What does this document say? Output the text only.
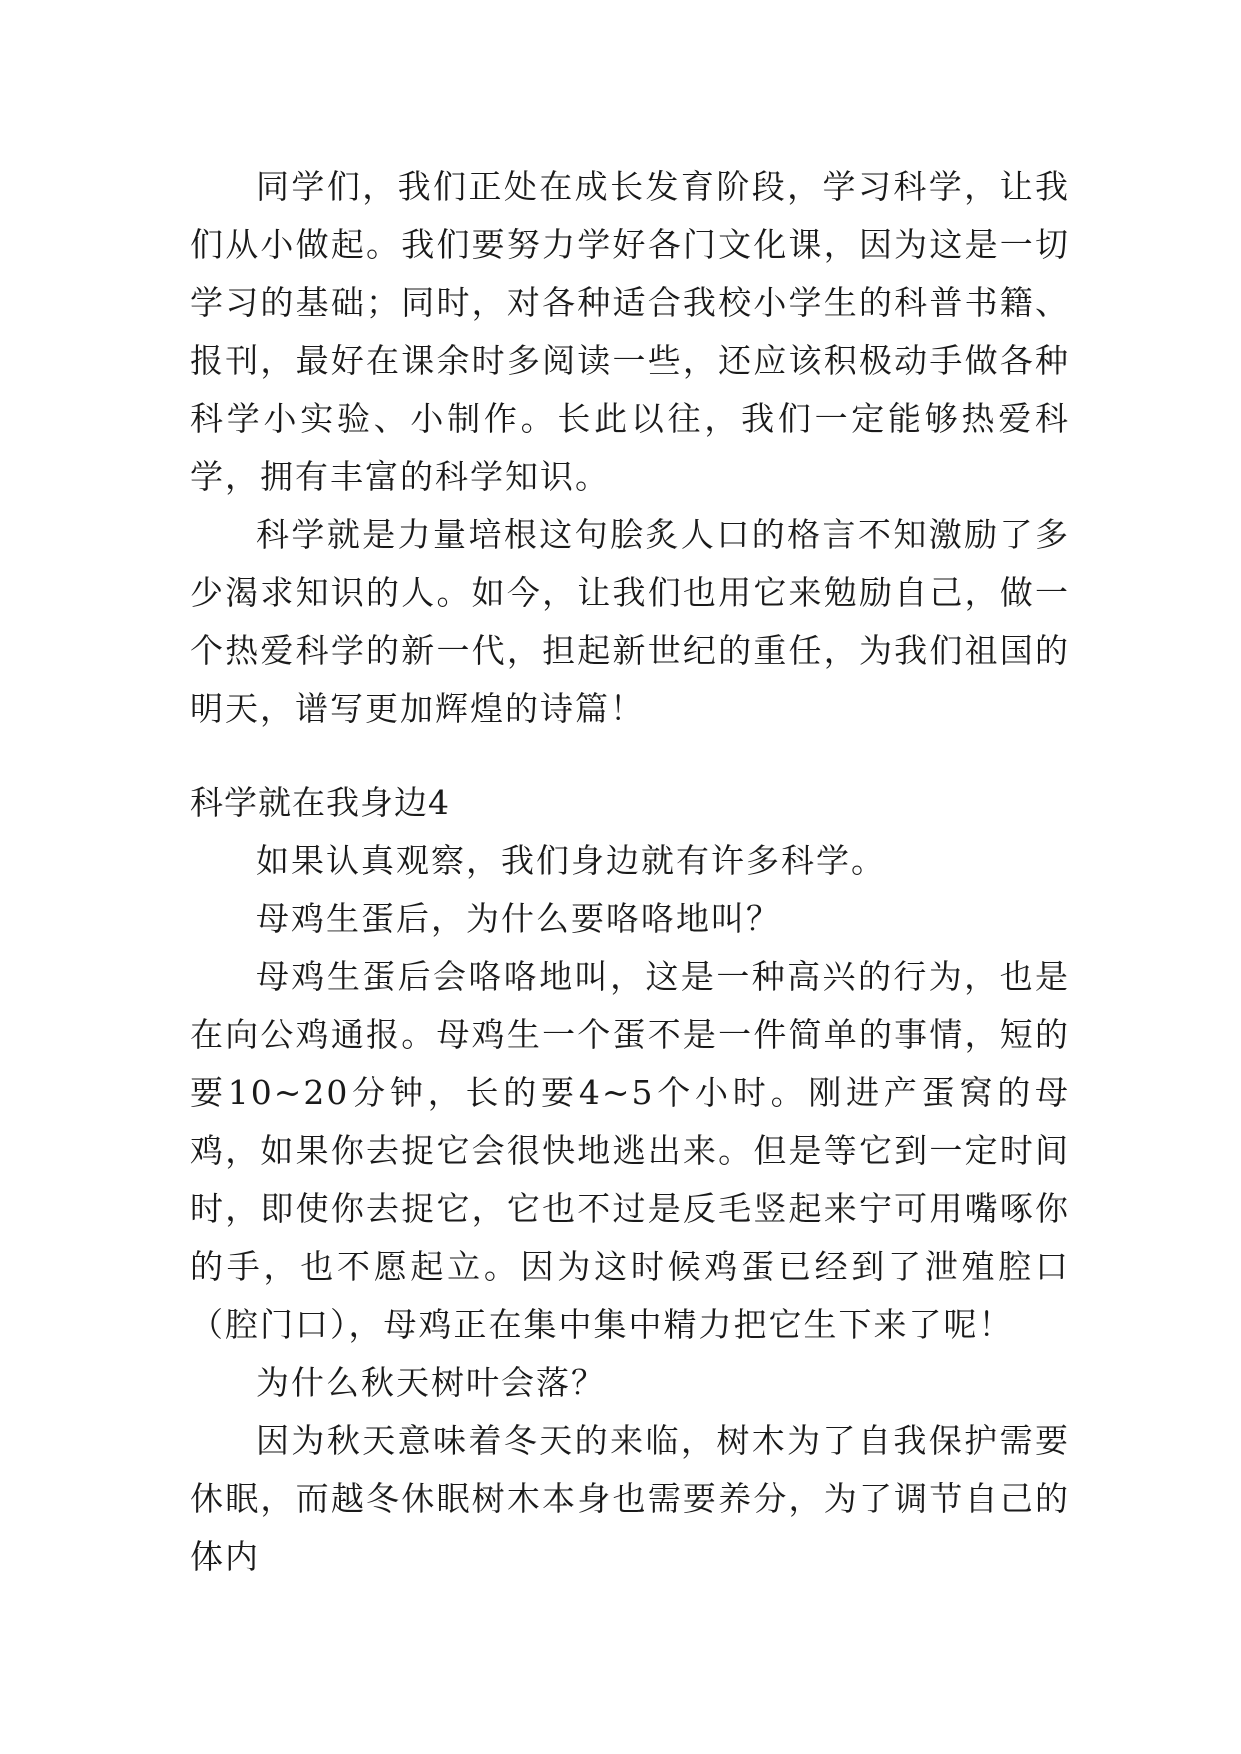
同学们，我们正处在成长发育阶段，学习科学，让我们从小做起。我们要努力学好各门文化课，因为这是一切学习的基础；同时，对各种适合我校小学生的科普书籍、报刊，最好在课余时多阅读一些，还应该积极动手做各种科学小实验、小制作。长此以往，我们一定能够热爱科学，拥有丰富的科学知识。

科学就是力量培根这句脍炙人口的格言不知激励了多少渴求知识的人。如今，让我们也用它来勉励自己，做一个热爱科学的新一代，担起新世纪的重任，为我们祖国的明天，谱写更加辉煌的诗篇！

科学就在我身边4

如果认真观察，我们身边就有许多科学。

母鸡生蛋后，为什么要咯咯地叫？

母鸡生蛋后会咯咯地叫，这是一种高兴的行为，也是在向公鸡通报。母鸡生一个蛋不是一件简单的事情，短的要10~20分钟，长的要4~5个小时。刚进产蛋窝的母鸡，如果你去捉它会很快地逃出来。但是等它到一定时间时，即使你去捉它，它也不过是反毛竖起来宁可用嘴啄你的手，也不愿起立。因为这时候鸡蛋已经到了泄殖腔口（腔门口），母鸡正在集中集中精力把它生下来了呢！

为什么秋天树叶会落？

因为秋天意味着冬天的来临，树木为了自我保护需要休眠，而越冬休眠树木本身也需要养分，为了调节自己的体内
